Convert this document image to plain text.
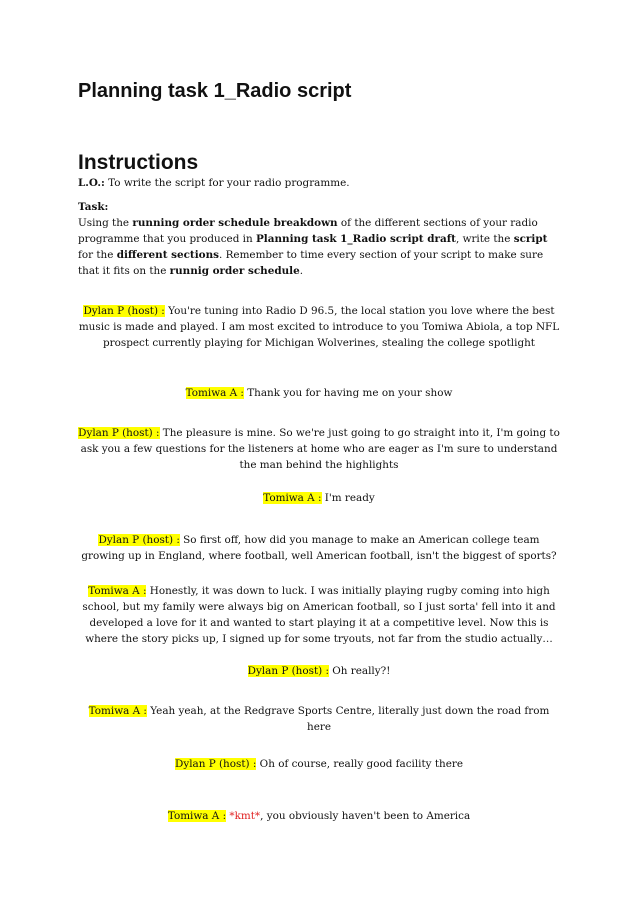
Planning task 1_Radio script
Instructions
L.O.: To write the script for your radio programme.
Task:
Using the running order schedule breakdown of the different sections of your radio programme that you produced in Planning task 1_Radio script draft, write the script for the different sections. Remember to time every section of your script to make sure that it fits on the runnig order schedule.
Dylan P (host) : You're tuning into Radio D 96.5, the local station you love where the best music is made and played. I am most excited to introduce to you Tomiwa Abiola, a top NFL prospect currently playing for Michigan Wolverines, stealing the college spotlight
Tomiwa A : Thank you for having me on your show
Dylan P (host) : The pleasure is mine. So we're just going to go straight into it, I'm going to ask you a few questions for the listeners at home who are eager as I'm sure to understand the man behind the highlights
Tomiwa A : I'm ready
Dylan P (host) : So first off, how did you manage to make an American college team growing up in England, where football, well American football, isn't the biggest of sports?
Tomiwa A : Honestly, it was down to luck. I was initially playing rugby coming into high school, but my family were always big on American football, so I just sorta' fell into it and developed a love for it and wanted to start playing it at a competitive level. Now this is where the story picks up, I signed up for some tryouts, not far from the studio actually…
Dylan P (host) : Oh really?!
Tomiwa A : Yeah yeah, at the Redgrave Sports Centre, literally just down the road from here
Dylan P (host) : Oh of course, really good facility there
Tomiwa A : *kmt*, you obviously haven't been to America
